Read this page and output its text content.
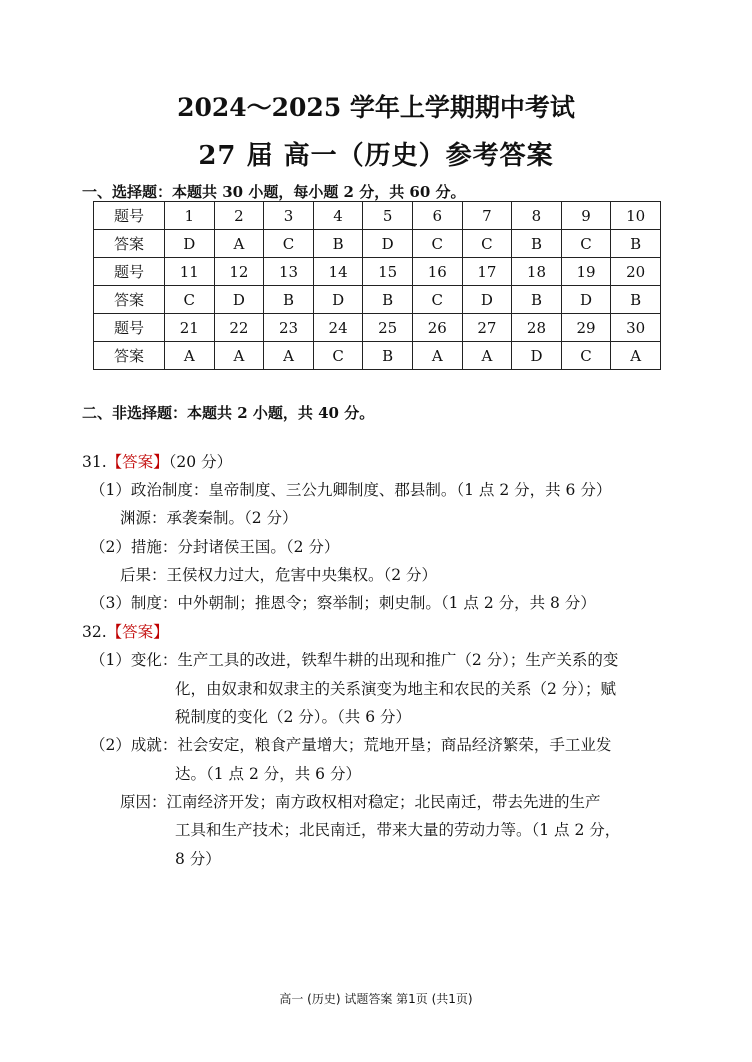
2024～2025 学年上学期期中考试
27 届 高一（历史）参考答案
一、选择题：本题共 30 小题，每小题 2 分，共 60 分。
题号	1	2	3	4	5	6	7	8	9	10
答案	D	A	C	B	D	C	C	B	C	B
题号	11	12	13	14	15	16	17	18	19	20
答案	C	D	B	D	B	C	D	B	D	B
题号	21	22	23	24	25	26	27	28	29	30
答案	A	A	A	C	B	A	A	D	C	A
二、非选择题：本题共 2 小题，共 40 分。
31.【答案】（20 分）
（1）政治制度：皇帝制度、三公九卿制度、郡县制。（1 点 2 分，共 6 分）
渊源：承袭秦制。（2 分）
（2）措施：分封诸侯王国。（2 分）
后果：王侯权力过大，危害中央集权。（2 分）
（3）制度：中外朝制；推恩令；察举制；刺史制。（1 点 2 分，共 8 分）
32.【答案】
（1）变化：生产工具的改进，铁犁牛耕的出现和推广（2 分）；生产关系的变
化，由奴隶和奴隶主的关系演变为地主和农民的关系（2 分）；赋
税制度的变化（2 分）。（共 6 分）
（2）成就：社会安定，粮食产量增大；荒地开垦；商品经济繁荣，手工业发
达。（1 点 2 分，共 6 分）
原因：江南经济开发；南方政权相对稳定；北民南迁，带去先进的生产
工具和生产技术；北民南迁，带来大量的劳动力等。（1 点 2 分，
8 分）
高一 (历史) 试题答案 第1页 (共1页)
